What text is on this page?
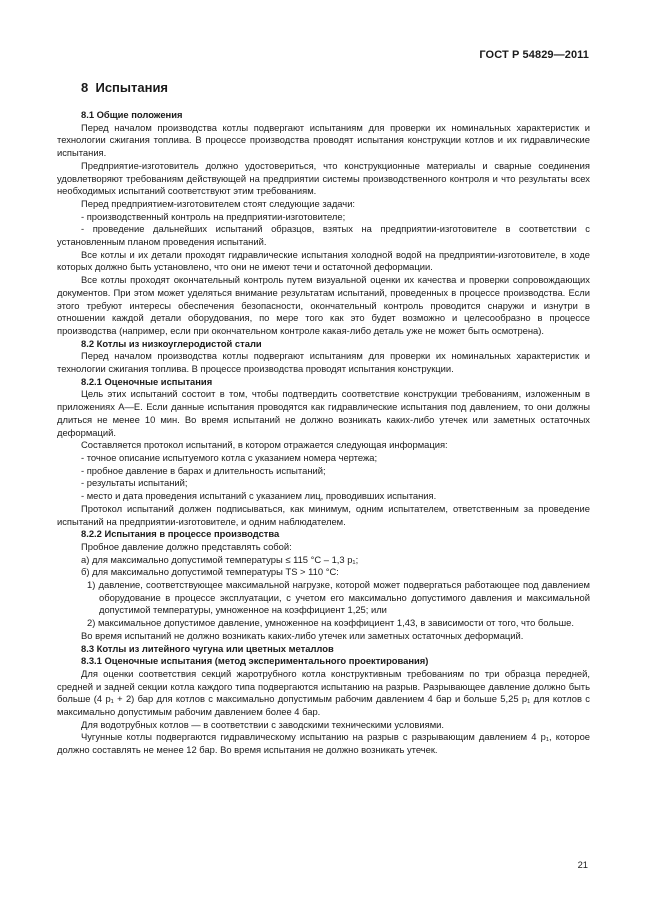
ГОСТ Р 54829—2011
8 Испытания

8.1 Общие положения

Перед началом производства котлы подвергают испытаниям для проверки их номинальных характеристик и технологии сжигания топлива. В процессе производства проводят испытания конструкции котлов и их гидравлические испытания.

Предприятие-изготовитель должно удостовериться, что конструкционные материалы и сварные соединения удовлетворяют требованиям действующей на предприятии системы производственного контроля и что результаты всех необходимых испытаний соответствуют этим требованиям.

Перед предприятием-изготовителем стоят следующие задачи:

- производственный контроль на предприятии-изготовителе;

- проведение дальнейших испытаний образцов, взятых на предприятии-изготовителе в соответствии с установленным планом проведения испытаний.

Все котлы и их детали проходят гидравлические испытания холодной водой на предприятии-изготовителе, в ходе которых должно быть установлено, что они не имеют течи и остаточной деформации.

Все котлы проходят окончательный контроль путем визуальной оценки их качества и проверки сопровождающих документов. При этом может уделяться внимание результатам испытаний, проведенных в процессе производства. Если этого требуют интересы обеспечения безопасности, окончательный контроль проводится снаружи и изнутри в отношении каждой детали оборудования, по мере того как это будет возможно и целесообразно в процессе производства (например, если при окончательном контроле какая-либо деталь уже не может быть осмотрена).

8.2 Котлы из низкоуглеродистой стали

Перед началом производства котлы подвергают испытаниям для проверки их номинальных характеристик и технологии сжигания топлива. В процессе производства проводят испытания конструкции.

8.2.1 Оценочные испытания

Цель этих испытаний состоит в том, чтобы подтвердить соответствие конструкции требованиям, изложенным в приложениях А—Е. Если данные испытания проводятся как гидравлические испытания под давлением, то они должны длиться не менее 10 мин. Во время испытаний не должно возникать каких-либо утечек или заметных остаточных деформаций.

Составляется протокол испытаний, в котором отражается следующая информация:

- точное описание испытуемого котла с указанием номера чертежа;

- пробное давление в барах и длительность испытаний;

- результаты испытаний;

- место и дата проведения испытаний с указанием лиц, проводивших испытания.

Протокол испытаний должен подписываться, как минимум, одним испытателем, ответственным за проведение испытаний на предприятии-изготовителе, и одним наблюдателем.

8.2.2 Испытания в процессе производства

Пробное давление должно представлять собой:

а) для максимально допустимой температуры ≤ 115 °C – 1,3 p₁;

б) для максимально допустимой температуры TS > 110 °C:

1) давление, соответствующее максимальной нагрузке, которой может подвергаться работающее под давлением оборудование в процессе эксплуатации, с учетом его максимально допустимого давления и максимальной допустимой температуры, умноженное на коэффициент 1,25; или

2) максимальное допустимое давление, умноженное на коэффициент 1,43, в зависимости от того, что больше.

Во время испытаний не должно возникать каких-либо утечек или заметных остаточных деформаций.

8.3 Котлы из литейного чугуна или цветных металлов

8.3.1 Оценочные испытания (метод экспериментального проектирования)

Для оценки соответствия секций жаротрубного котла конструктивным требованиям по три образца передней, средней и задней секции котла каждого типа подвергаются испытанию на разрыв. Разрывающее давление должно быть больше (4 p₁ + 2) бар для котлов с максимально допустимым рабочим давлением 4 бар и больше 5,25 p₁ для котлов с максимально допустимым рабочим давлением более 4 бар.

Для водотрубных котлов — в соответствии с заводскими техническими условиями.

Чугунные котлы подвергаются гидравлическому испытанию на разрыв с разрывающим давлением 4 p₁, которое должно составлять не менее 12 бар. Во время испытания не должно возникать утечек.

21
